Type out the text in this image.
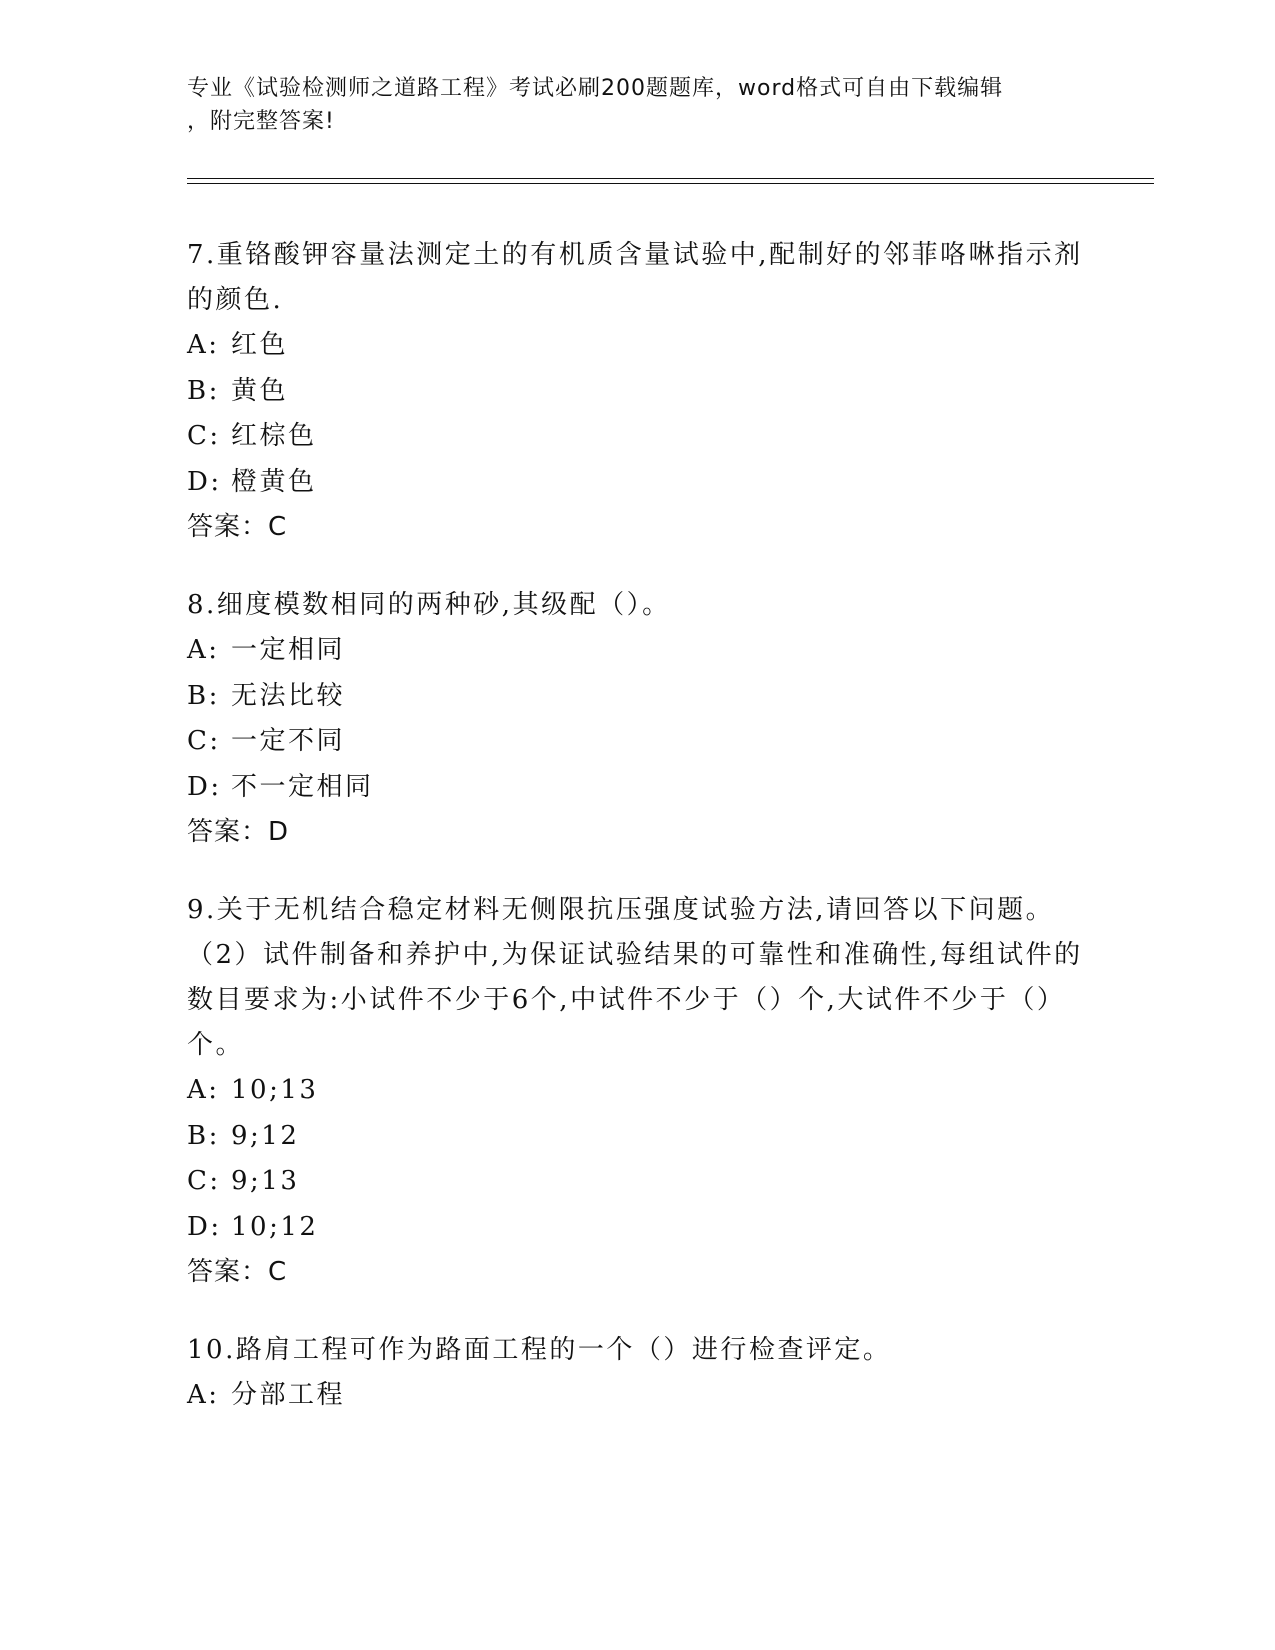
专业《试验检测师之道路工程》考试必刷200题题库，word格式可自由下载编辑
，附完整答案!

7.重铬酸钾容量法测定土的有机质含量试验中,配制好的邻菲咯啉指示剂的颜色.

A: 红色
B: 黄色
C: 红棕色
D: 橙黄色
答案：C

8.细度模数相同的两种砂,其级配（）。

A: 一定相同
B: 无法比较
C: 一定不同
D: 不一定相同
答案：D

9.关于无机结合稳定材料无侧限抗压强度试验方法,请回答以下问题。（2）试件制备和养护中,为保证试验结果的可靠性和准确性,每组试件的数目要求为:小试件不少于6个,中试件不少于（）个,大试件不少于（）个。

A: 10;13
B: 9;12
C: 9;13
D: 10;12
答案：C

10.路肩工程可作为路面工程的一个（）进行检查评定。

A: 分部工程
